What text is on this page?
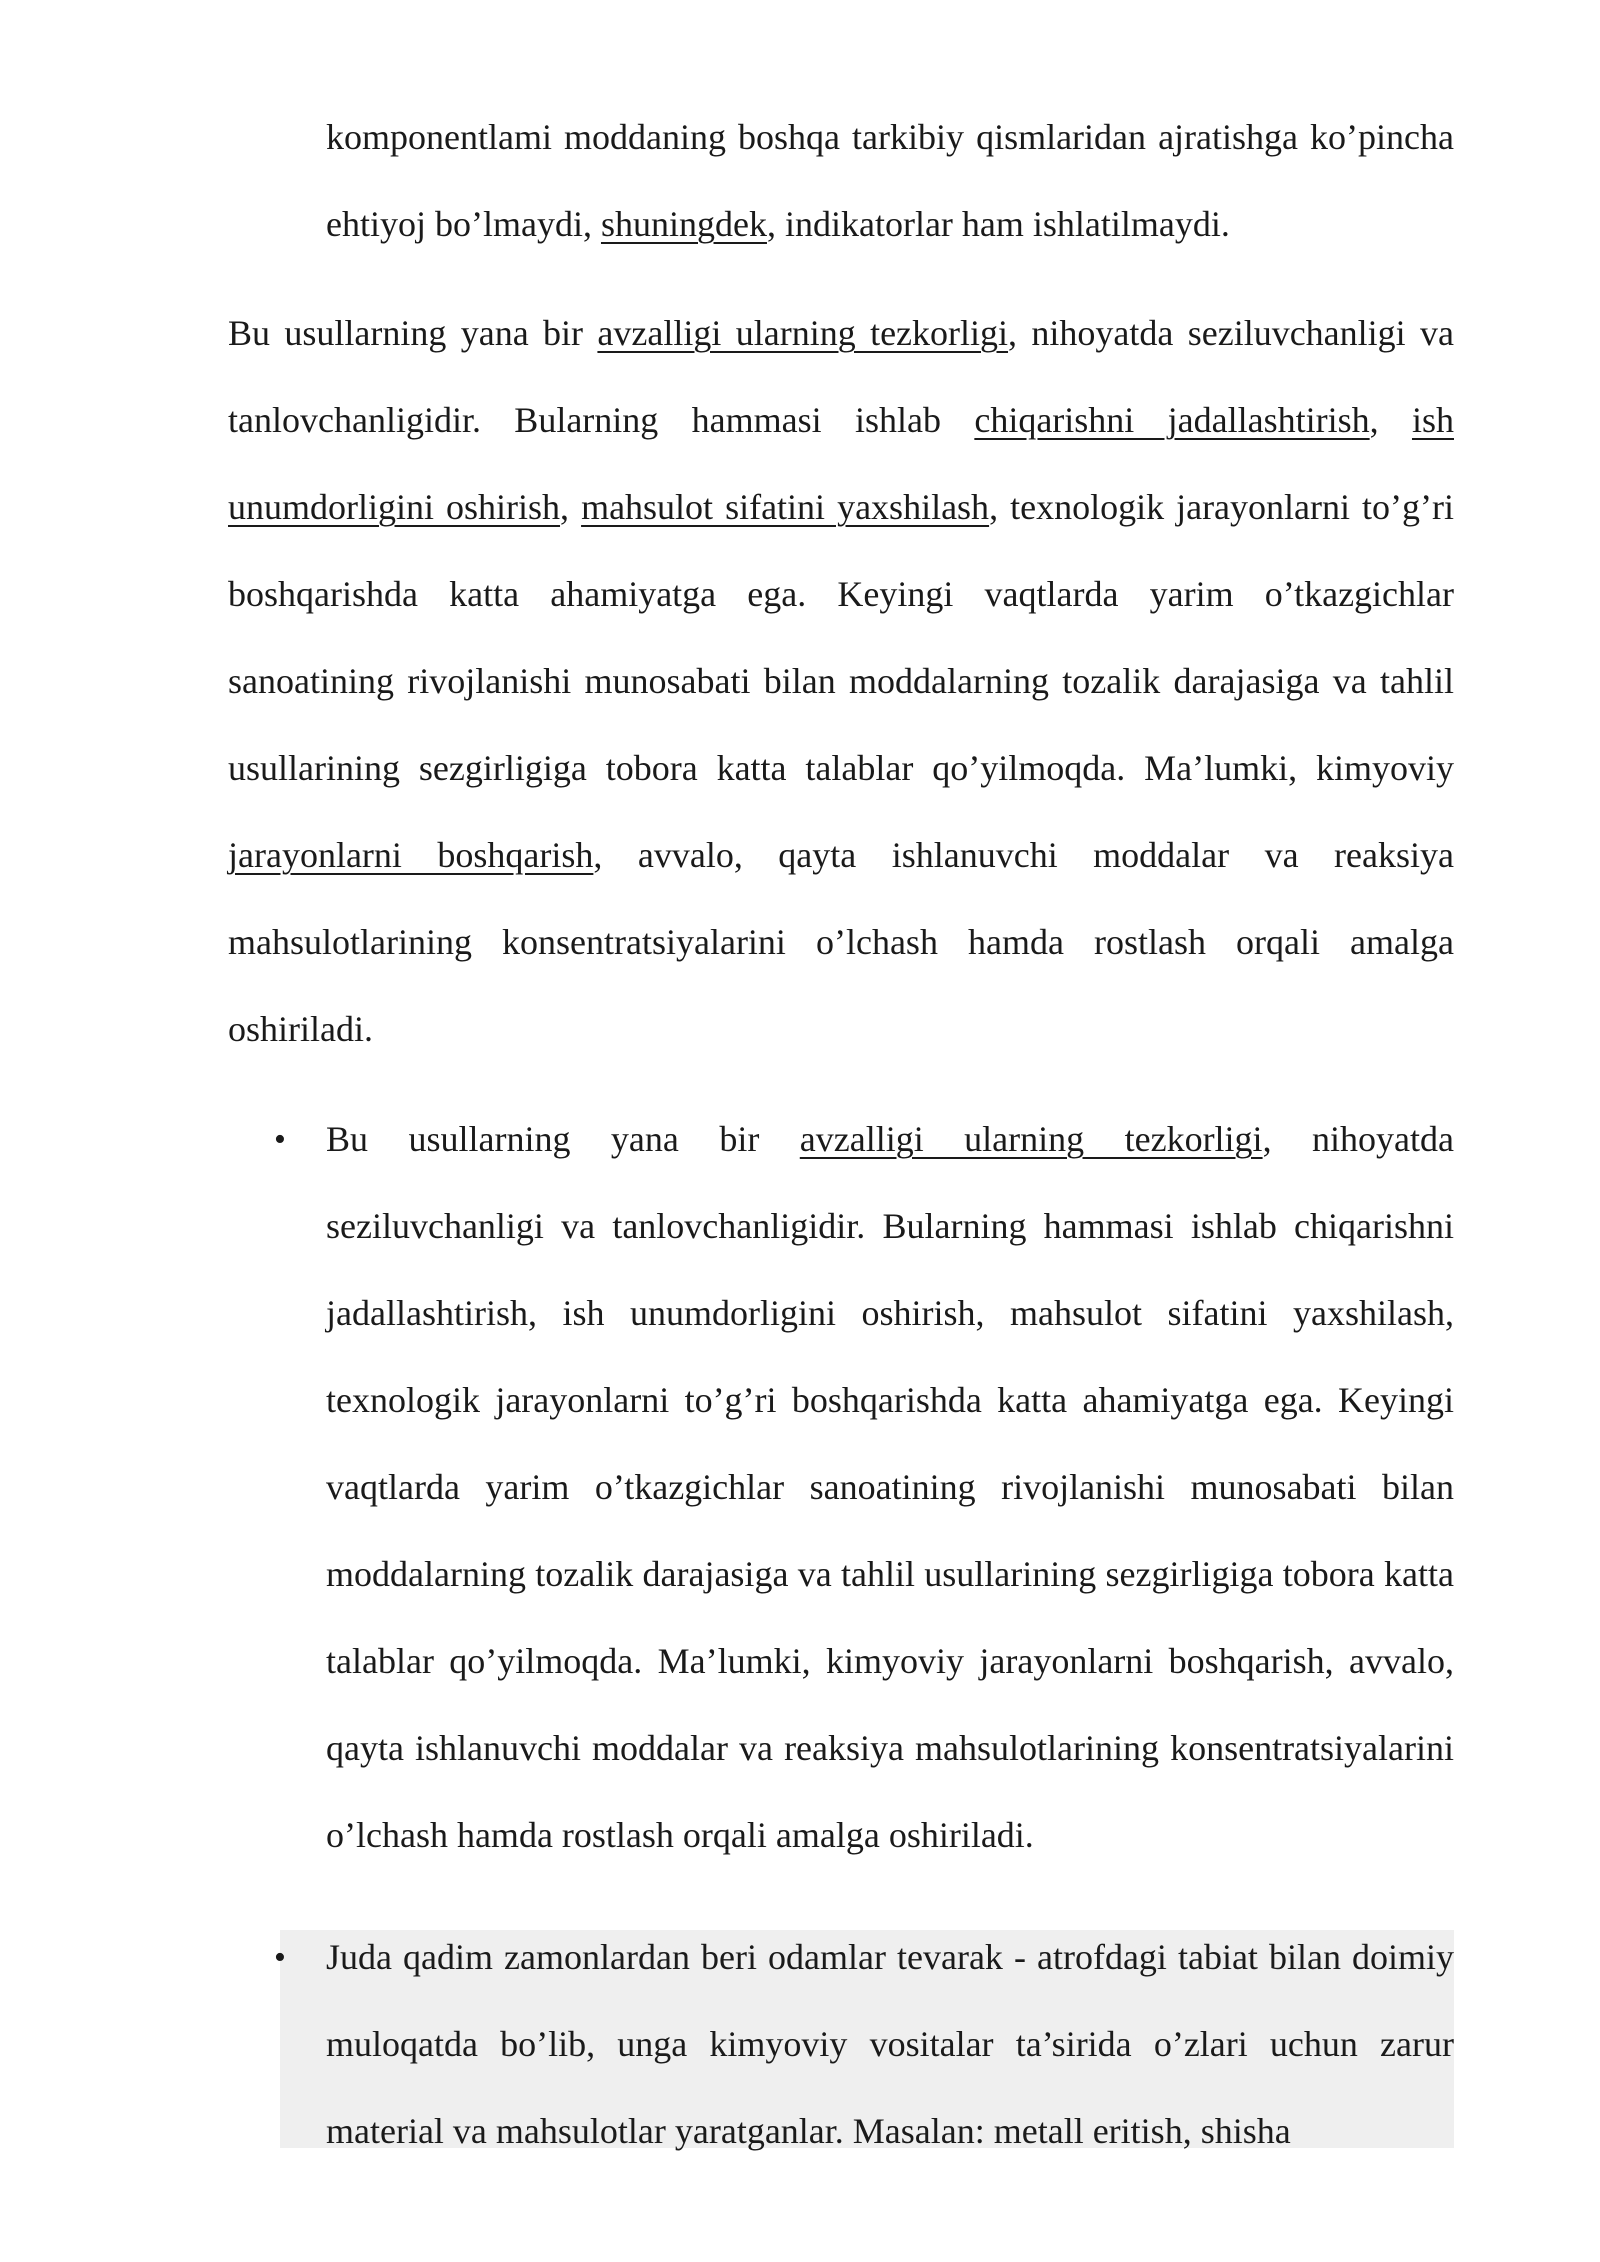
komponentlami moddaning boshqa tarkibiy qismlaridan ajratishga ko’pincha ehtiyoj bo’lmaydi, shuningdek, indikatorlar ham ishlatilmaydi.

Bu usullarning yana bir avzalligi ularning tezkorligi, nihoyatda seziluvchanligi va tanlovchanligidir. Bularning hammasi ishlab chiqarishni jadallashtirish, ish unumdorligini oshirish, mahsulot sifatini yaxshilash, texnologik jarayonlarni to’g’ri boshqarishda katta ahamiyatga ega. Keyingi vaqtlarda yarim o’tkazgichlar sanoatining rivojlanishi munosabati bilan moddalarning tozalik darajasiga va tahlil usullarining sezgirligiga tobora katta talablar qo’yilmoqda. Ma’lumki, kimyoviy jarayonlarni boshqarish, avvalo, qayta ishlanuvchi moddalar va reaksiya mahsulotlarining konsentratsiyalarini o’lchash hamda rostlash orqali amalga oshiriladi.

• Bu usullarning yana bir avzalligi ularning tezkorligi, nihoyatda seziluvchanligi va tanlovchanligidir. Bularning hammasi ishlab chiqarishni jadallashtirish, ish unumdorligini oshirish, mahsulot sifatini yaxshilash, texnologik jarayonlarni to’g’ri boshqarishda katta ahamiyatga ega. Keyingi vaqtlarda yarim o’tkazgichlar sanoatining rivojlanishi munosabati bilan moddalarning tozalik darajasiga va tahlil usullarining sezgirligiga tobora katta talablar qo’yilmoqda. Ma’lumki, kimyoviy jarayonlarni boshqarish, avvalo, qayta ishlanuvchi moddalar va reaksiya mahsulotlarining konsentratsiyalarini o’lchash hamda rostlash orqali amalga oshiriladi.

• Juda qadim zamonlardan beri odamlar tevarak - atrofdagi tabiat bilan doimiy muloqatda bo’lib, unga kimyoviy vositalar ta’sirida o’zlari uchun zarur material va mahsulotlar yaratganlar. Masalan: metall eritish, shisha
